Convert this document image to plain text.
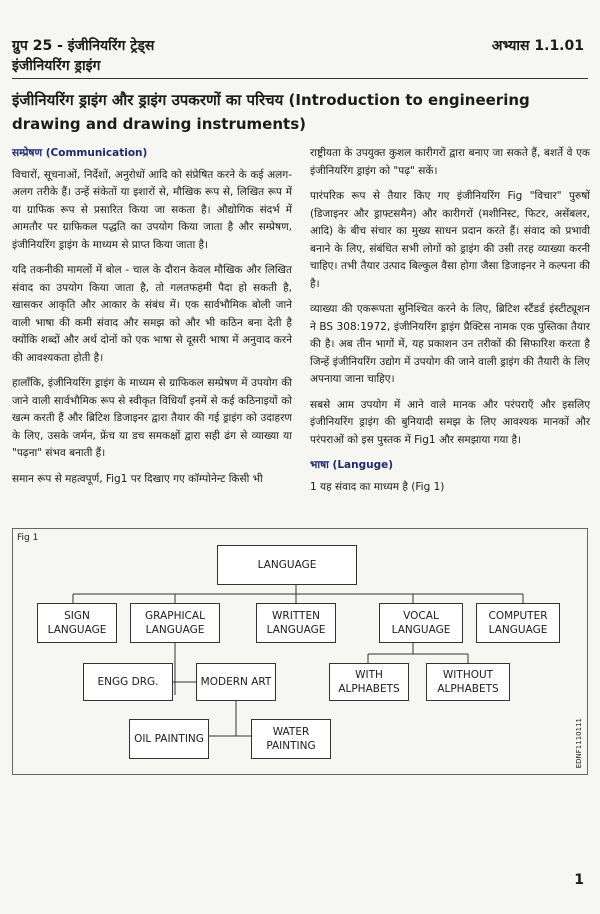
ग्रुप 25 - इंजीनियरिंग ट्रेड्स
इंजीनियरिंग ड्राइंग
अभ्यास 1.1.01
इंजीनियरिंग ड्राइंग और ड्राइंग उपकरणों का परिचय (Introduction to engineering drawing and drawing instruments)
सम्प्रेषण (Communication)

विचारों, सूचनाओं, निर्देशों, अनुरोधों आदि को संप्रेषित करने के कई अलग-अलग तरीके हैं। उन्हें संकेतों या इशारों से, मौखिक रूप से, लिखित रूप में या ग्राफिक रूप से प्रसारित किया जा सकता है। औद्योगिक संदर्भ में आमतौर पर ग्राफिकल पद्धति का उपयोग किया जाता है और सम्प्रेषण, इंजीनियरिंग ड्राइंग के माध्यम से प्राप्त किया जाता है।

यदि तकनीकी मामलों में बोल - चाल के दौरान केवल मौखिक और लिखित संवाद का उपयोग किया जाता है, तो गलतफहमी पैदा हो सकती है, खासकर आकृति और आकार के संबंध में। एक सार्वभौमिक बोली जाने वाली भाषा की कमी संवाद और समझ को और भी कठिन बना देती है क्योंकि शब्दों और अर्थ दोनों को एक भाषा से दूसरी भाषा में अनुवाद करने की आवश्यकता होती है।

हालाँकि, इंजीनियरिंग ड्राइंग के माध्यम से ग्राफिकल सम्प्रेषण में उपयोग की जाने वाली सार्वभौमिक रूप से स्वीकृत विधियाँ इनमें से कई कठिनाइयों को खत्म करती हैं और ब्रिटिश डिजाइनर द्वारा तैयार की गई ड्राइंग को उदाहरण के लिए, उसके जर्मन, फ्रेंच या डच समकक्षों द्वारा सही ढंग से व्याख्या या "पढ़ना" संभव बनाती हैं।

समान रूप से महत्वपूर्ण, Fig1 पर दिखाए गए कॉम्पोनेन्ट किसी भी

राष्ट्रीयता के उपयुक्त कुशल कारीगरों द्वारा बनाए जा सकते हैं, बशर्ते वे एक इंजीनियरिंग ड्राइंग को "पढ़" सकें।

पारंपरिक रूप से तैयार किए गए इंजीनियरिंग Fig "विचार" पुरुषों (डिजाइनर और ड्राफ्टसमैन) और कारीगरों (मशीनिस्ट, फिटर, असेंबलर, आदि) के बीच संचार का मुख्य साधन प्रदान करते हैं। संवाद को प्रभावी बनाने के लिए, संबंधित सभी लोगों को ड्राइंग की उसी तरह व्याख्या करनी चाहिए। तभी तैयार उत्पाद बिल्कुल वैसा होगा जैसा डिजाइनर ने कल्पना की है।

व्याख्या की एकरूपता सुनिश्चित करने के लिए, ब्रिटिश स्टैंडर्ड इंस्टीट्यूशन ने BS 308:1972, इंजीनियरिंग ड्राइंग प्रैक्टिस नामक एक पुस्तिका तैयार की है। अब तीन भागों में, यह प्रकाशन उन तरीकों की सिफारिश करता है जिन्हें इंजीनियरिंग उद्योग में उपयोग की जाने वाली ड्राइंग की तैयारी के लिए अपनाया जाना चाहिए।

सबसे आम उपयोग में आने वाले मानक और परंपराएँ और इसलिए इंजीनियरिंग ड्राइंग की बुनियादी समझ के लिए आवश्यक मानकों और परंपराओं को इस पुस्तक में Fig1 और समझाया गया है।

भाषा (Languge)
1 यह संवाद का माध्यम है (Fig 1)
LANGUAGE
SIGN LANGUAGE
GRAPHICAL LANGUAGE
WRITTEN LANGUAGE
VOCAL LANGUAGE
COMPUTER LANGUAGE
ENGG DRG.	MODERN ART
WITH ALPHABETS
WITHOUT ALPHABETS
OIL PAINTING
WATER PAINTING
Fig 1
EDNF1110111
1
